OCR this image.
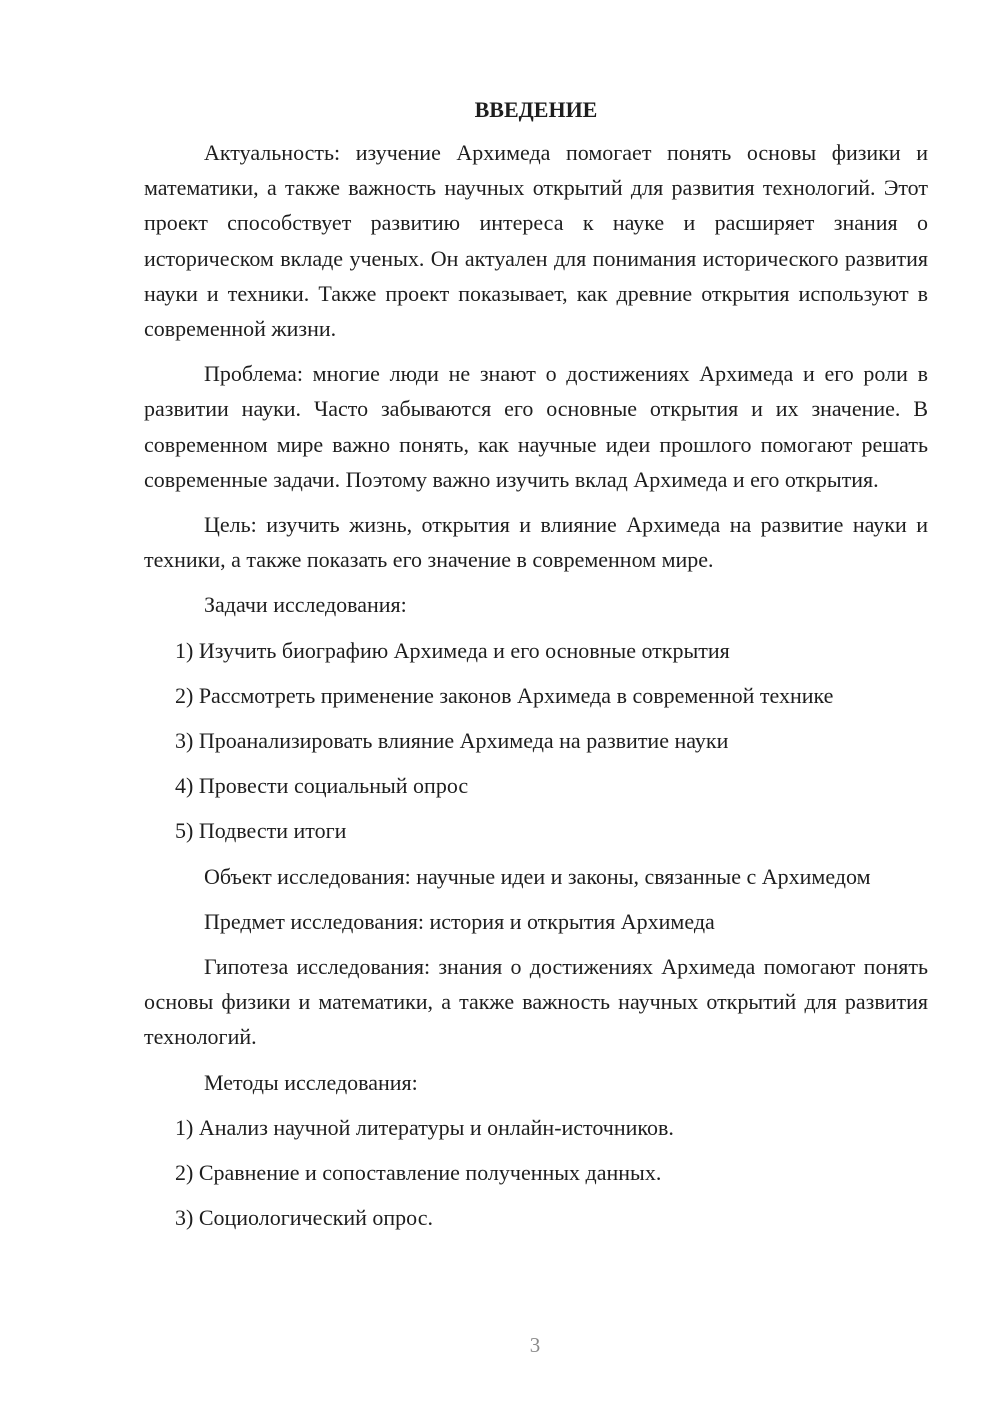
ВВЕДЕНИЕ

Актуальность: изучение Архимеда помогает понять основы физики и математики, а также важность научных открытий для развития технологий. Этот проект способствует развитию интереса к науке и расширяет знания о историческом вкладе ученых. Он актуален для понимания исторического развития науки и техники. Также проект показывает, как древние открытия используют в современной жизни.

Проблема: многие люди не знают о достижениях Архимеда и его роли в развитии науки. Часто забываются его основные открытия и их значение. В современном мире важно понять, как научные идеи прошлого помогают решать современные задачи. Поэтому важно изучить вклад Архимеда и его открытия.

Цель: изучить жизнь, открытия и влияние Архимеда на развитие науки и техники, а также показать его значение в современном мире.

Задачи исследования:

1) Изучить биографию Архимеда и его основные открытия
2) Рассмотреть применение законов Архимеда в современной технике
3) Проанализировать влияние Архимеда на развитие науки
4) Провести социальный опрос
5) Подвести итоги

Объект исследования: научные идеи и законы, связанные с Архимедом

Предмет исследования: история и открытия Архимеда

Гипотеза исследования: знания о достижениях Архимеда помогают понять основы физики и математики, а также важность научных открытий для развития технологий.

Методы исследования:

1) Анализ научной литературы и онлайн-источников.
2) Сравнение и сопоставление полученных данных.
3) Социологический опрос.
3
